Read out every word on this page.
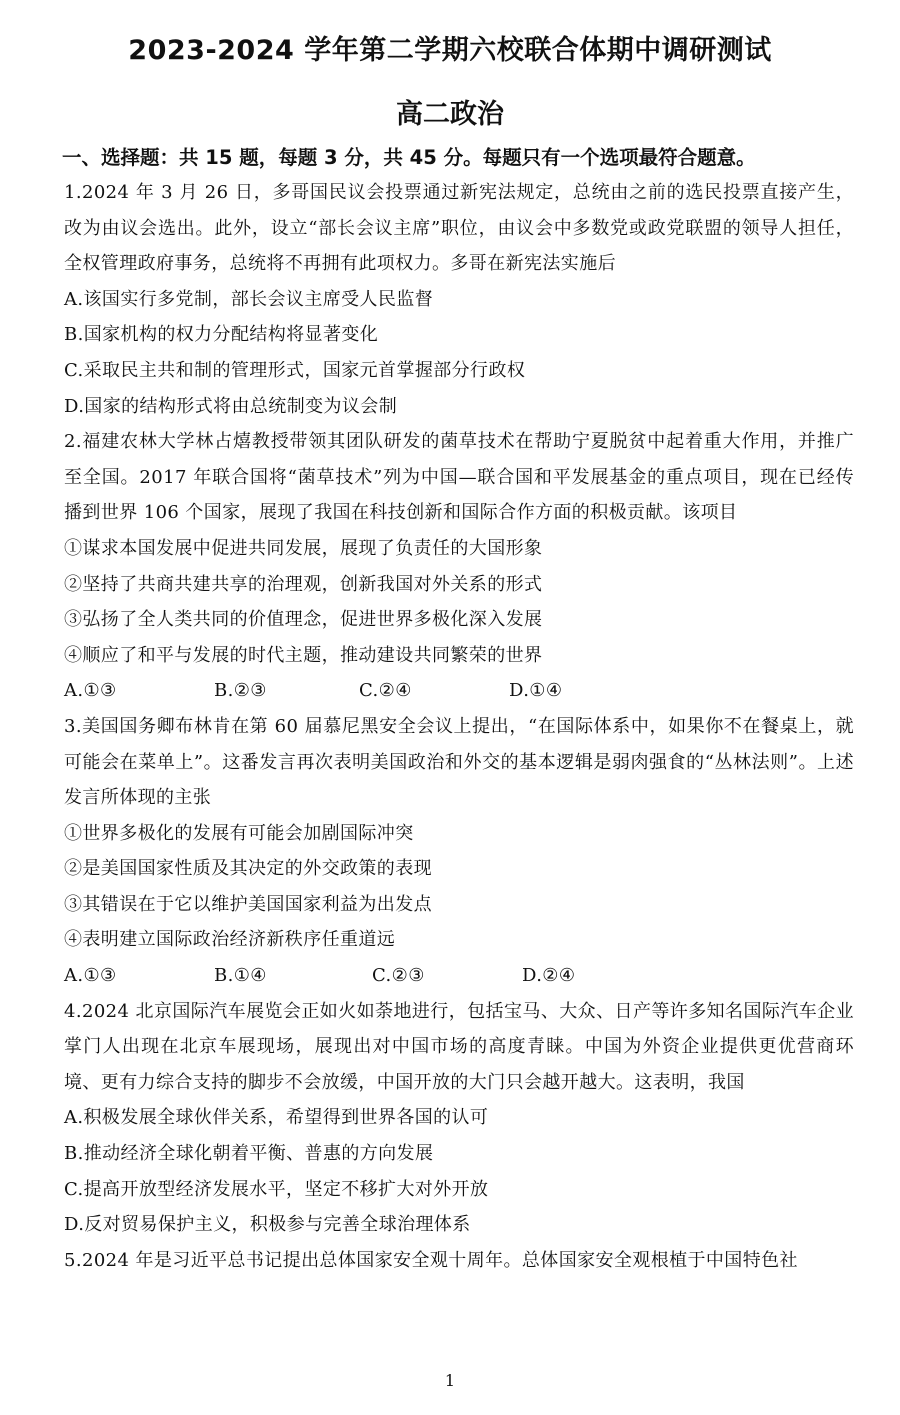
2023-2024 学年第二学期六校联合体期中调研测试
高二政治
一、选择题：共 15 题，每题 3 分，共 45 分。每题只有一个选项最符合题意。

1.2024 年 3 月 26 日，多哥国民议会投票通过新宪法规定，总统由之前的选民投票直接产生，改为由议会选出。此外，设立“部长会议主席”职位，由议会中多数党或政党联盟的领导人担任，全权管理政府事务，总统将不再拥有此项权力。多哥在新宪法实施后

A.该国实行多党制，部长会议主席受人民监督

B.国家机构的权力分配结构将显著变化

C.采取民主共和制的管理形式，国家元首掌握部分行政权

D.国家的结构形式将由总统制变为议会制

2.福建农林大学林占熺教授带领其团队研发的菌草技术在帮助宁夏脱贫中起着重大作用，并推广至全国。2017 年联合国将“菌草技术”列为中国—联合国和平发展基金的重点项目，现在已经传播到世界 106 个国家，展现了我国在科技创新和国际合作方面的积极贡献。该项目

①谋求本国发展中促进共同发展，展现了负责任的大国形象

②坚持了共商共建共享的治理观，创新我国对外关系的形式

③弘扬了全人类共同的价值理念，促进世界多极化深入发展

④顺应了和平与发展的时代主题，推动建设共同繁荣的世界

A.①③	B.②③	C.②④	D.①④

3.美国国务卿布林肯在第 60 届慕尼黑安全会议上提出，“在国际体系中，如果你不在餐桌上，就可能会在菜单上”。这番发言再次表明美国政治和外交的基本逻辑是弱肉强食的“丛林法则”。上述发言所体现的主张

①世界多极化的发展有可能会加剧国际冲突

②是美国国家性质及其决定的外交政策的表现

③其错误在于它以维护美国国家利益为出发点

④表明建立国际政治经济新秩序任重道远

A.①③	B.①④	C.②③	D.②④

4.2024 北京国际汽车展览会正如火如荼地进行，包括宝马、大众、日产等许多知名国际汽车企业掌门人出现在北京车展现场，展现出对中国市场的高度青睐。中国为外资企业提供更优营商环境、更有力综合支持的脚步不会放缓，中国开放的大门只会越开越大。这表明，我国

A.积极发展全球伙伴关系，希望得到世界各国的认可

B.推动经济全球化朝着平衡、普惠的方向发展

C.提高开放型经济发展水平，坚定不移扩大对外开放

D.反对贸易保护主义，积极参与完善全球治理体系

5.2024 年是习近平总书记提出总体国家安全观十周年。总体国家安全观根植于中国特色社

1
